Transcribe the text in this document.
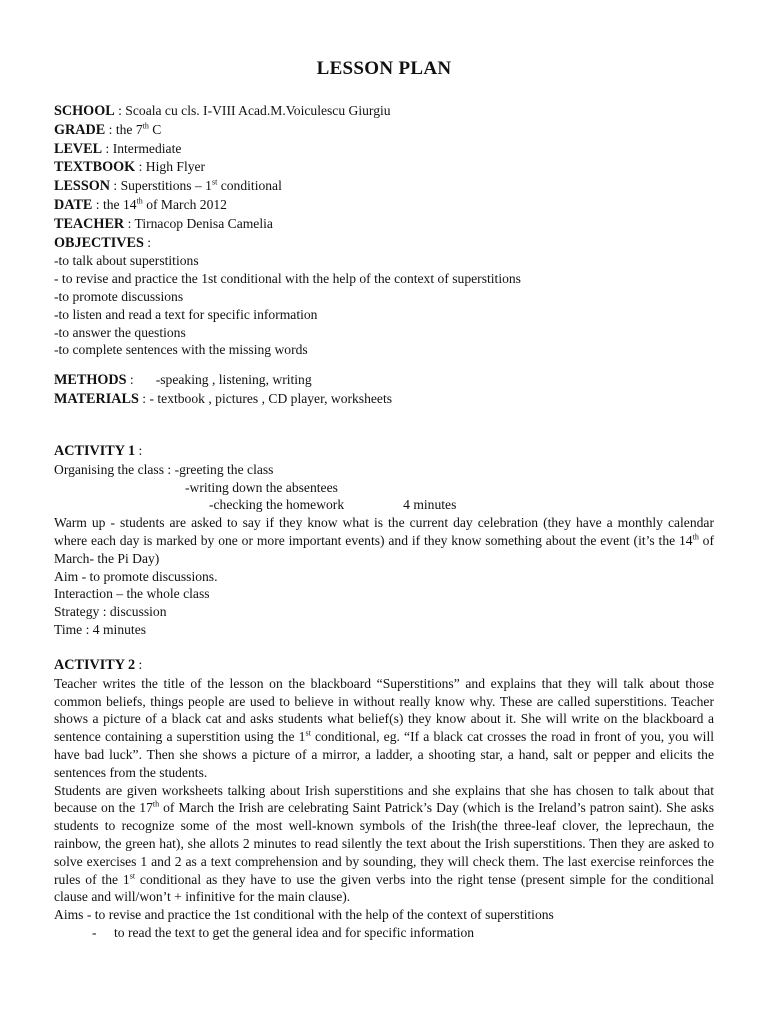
LESSON PLAN
SCHOOL : Scoala cu cls. I-VIII Acad.M.Voiculescu Giurgiu
GRADE : the 7th C
LEVEL : Intermediate
TEXTBOOK : High Flyer
LESSON : Superstitions – 1st conditional
DATE : the 14th of March 2012
TEACHER : Tirnacop Denisa Camelia
OBJECTIVES :
-to talk about superstitions
- to revise and practice the 1st conditional with the help of the context of superstitions
-to promote discussions
-to listen and read a text for specific information
-to answer the questions
-to complete sentences with the missing words
METHODS : -speaking , listening, writing
MATERIALS : - textbook , pictures , CD player, worksheets
ACTIVITY 1 :
Organising the class : -greeting the class
-writing down the absentees
-checking the homework	4 minutes
Warm up - students are asked to say if they know what is the current day celebration (they have a monthly calendar where each day is marked by one or more important events) and if they know something about the event (it’s the 14th of March- the Pi Day)
Aim - to promote discussions.
Interaction – the whole class
Strategy : discussion
Time : 4 minutes
ACTIVITY 2 :
Teacher writes the title of the lesson on the blackboard “Superstitions” and explains that they will talk about those common beliefs, things people are used to believe in without really know why. These are called superstitions. Teacher shows a picture of a black cat and asks students what belief(s) they know about it. She will write on the blackboard a sentence containing a superstition using the 1st conditional, eg. “If a black cat crosses the road in front of you, you will have bad luck”. Then she shows a picture of a mirror, a ladder, a shooting star, a hand, salt or pepper and elicits the sentences from the students.
Students are given worksheets talking about Irish superstitions and she explains that she has chosen to talk about that because on the 17th of March the Irish are celebrating Saint Patrick’s Day (which is the Ireland’s patron saint). She asks students to recognize some of the most well-known symbols of the Irish(the three-leaf clover, the leprechaun, the rainbow, the green hat), she allots 2 minutes to read silently the text about the Irish superstitions. Then they are asked to solve exercises 1 and 2 as a text comprehension and by sounding, they will check them. The last exercise reinforces the rules of the 1st conditional as they have to use the given verbs into the right tense (present simple for the conditional clause and will/won’t + infinitive for the main clause).
Aims - to revise and practice the 1st conditional with the help of the context of superstitions
- to read the text to get the general idea and for specific information
